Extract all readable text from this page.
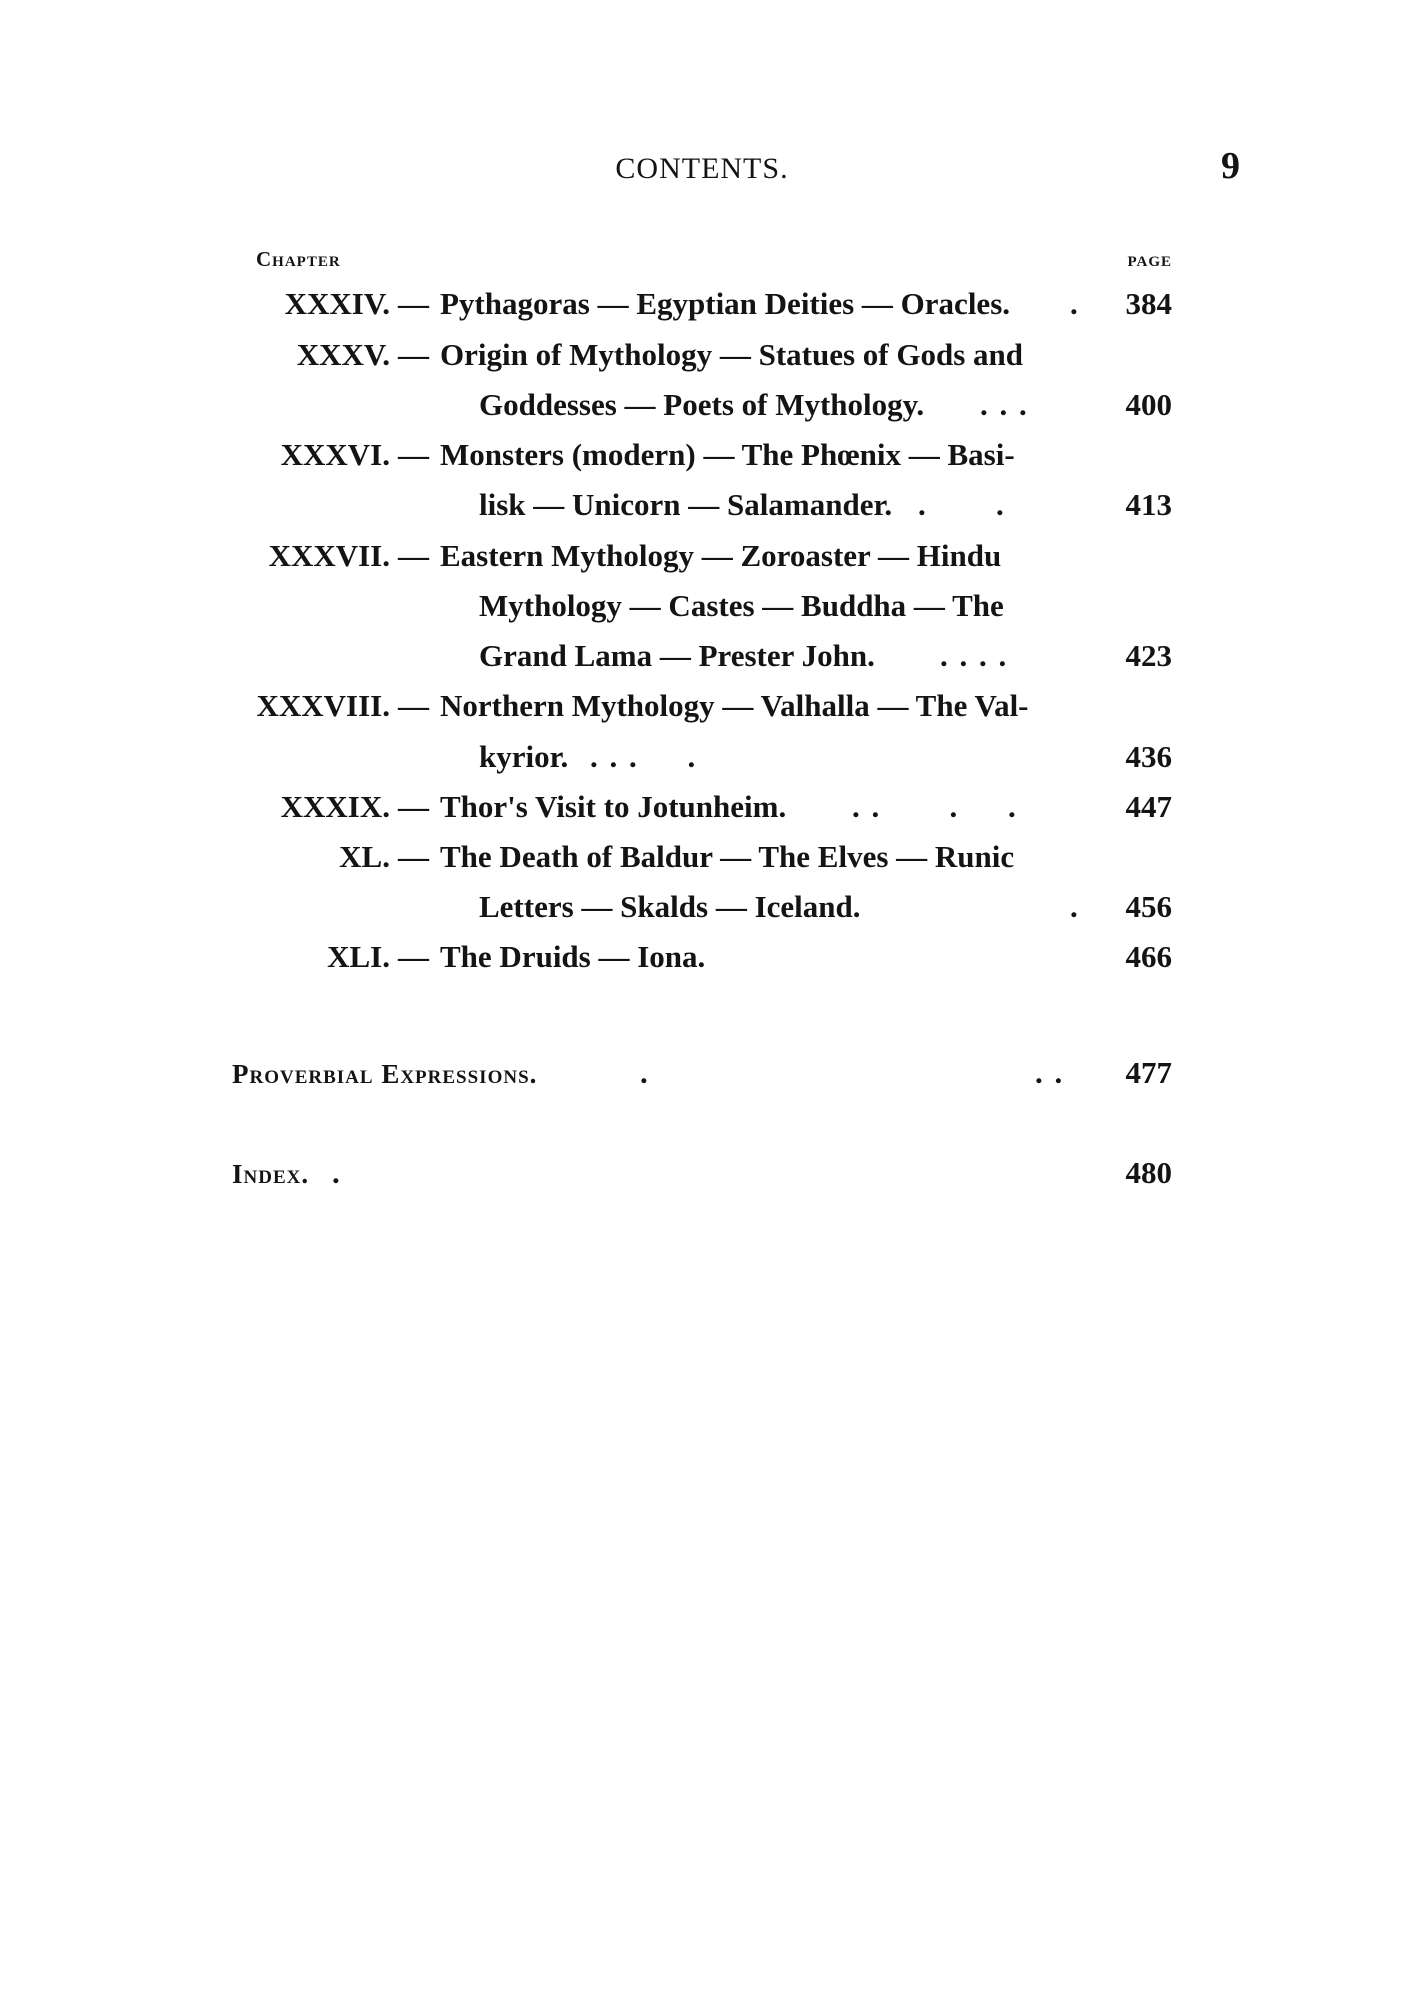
CONTENTS.	9
Chapter	page
XXXIV. — Pythagoras — Egyptian Deities — Oracles. .	384
XXXV. — Origin of Mythology — Statues of Gods and
Goddesses — Poets of Mythology. . . .	400
XXXVI. — Monsters (modern) — The Phœnix — Basi-
lisk — Unicorn — Salamander. .       .	413
XXXVII. — Eastern Mythology — Zoroaster — Hindu
Mythology — Castes — Buddha — The
Grand Lama — Prester John. . . . .	423
XXXVIII. — Northern Mythology — Valhalla — The Val-
kyrior. . . .     .	436
XXXIX. — Thor's Visit to Jotunheim. . .       .     .	447
XL. — The Death of Baldur — The Elves — Runic
Letters — Skalds — Iceland.	.	456
XLI. — The Druids — Iona.	466
Proverbial Expressions.	.	. .	477
Index. .	480
